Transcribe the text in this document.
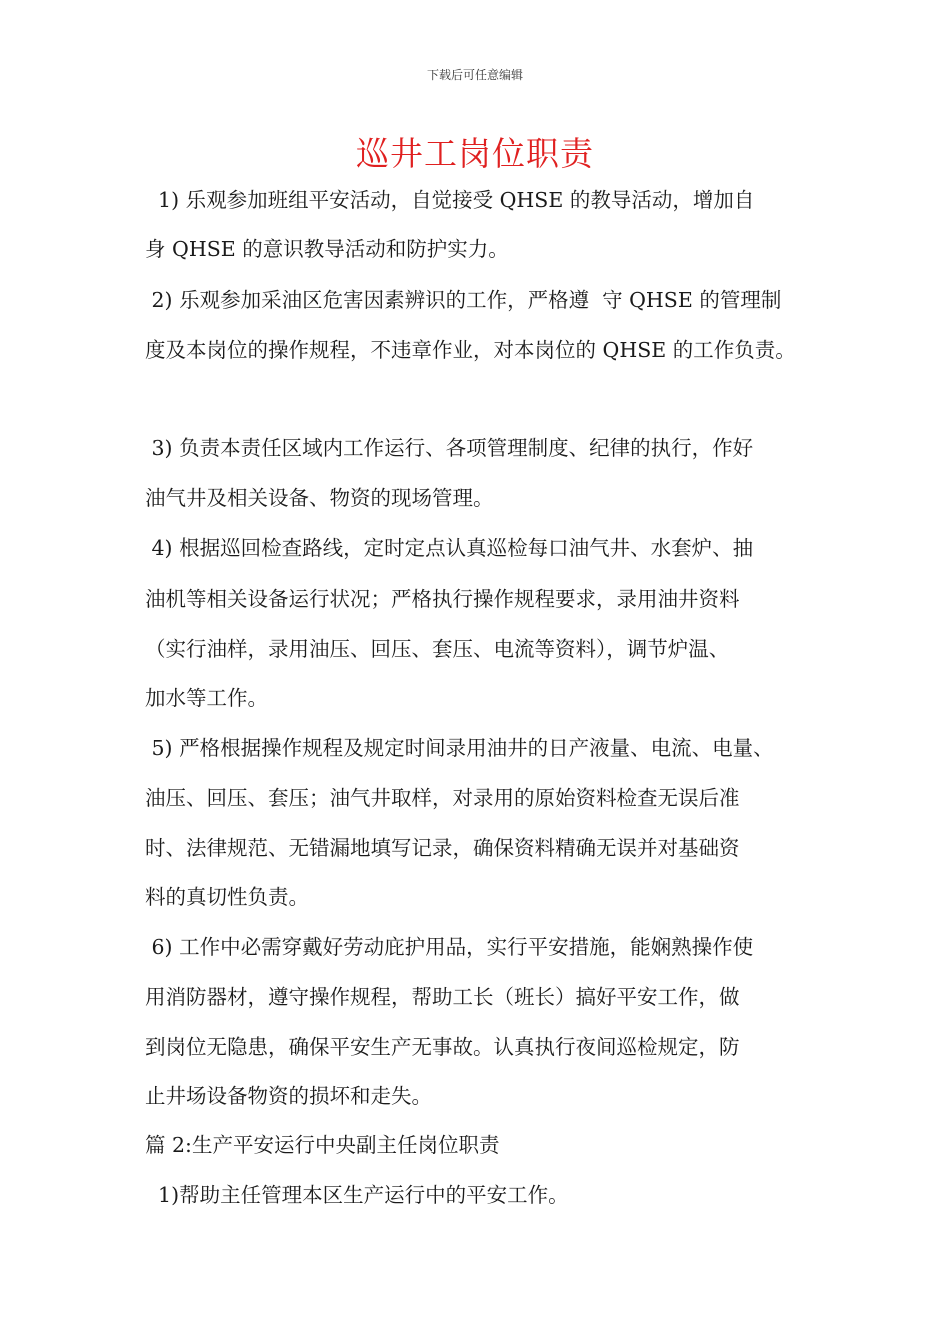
下载后可任意编辑
巡井工岗位职责
1) 乐观参加班组平安活动，自觉接受 QHSE 的教导活动，增加自
身 QHSE 的意识教导活动和防护实力。
2) 乐观参加采油区危害因素辨识的工作，严格遵  守 QHSE 的管理制
度及本岗位的操作规程，不违章作业，对本岗位的 QHSE 的工作负责。
3) 负责本责任区域内工作运行、各项管理制度、纪律的执行，作好
油气井及相关设备、物资的现场管理。
4) 根据巡回检查路线，定时定点认真巡检每口油气井、水套炉、抽
油机等相关设备运行状况；严格执行操作规程要求，录用油井资料
（实行油样，录用油压、回压、套压、电流等资料），调节炉温、
加水等工作。
5) 严格根据操作规程及规定时间录用油井的日产液量、电流、电量、
油压、回压、套压；油气井取样，对录用的原始资料检查无误后准
时、法律规范、无错漏地填写记录，确保资料精确无误并对基础资
料的真切性负责。
6) 工作中必需穿戴好劳动庇护用品，实行平安措施，能娴熟操作使
用消防器材，遵守操作规程，帮助工长（班长）搞好平安工作，做
到岗位无隐患，确保平安生产无事故。认真执行夜间巡检规定，防
止井场设备物资的损坏和走失。
篇 2:生产平安运行中央副主任岗位职责
1)帮助主任管理本区生产运行中的平安工作。
